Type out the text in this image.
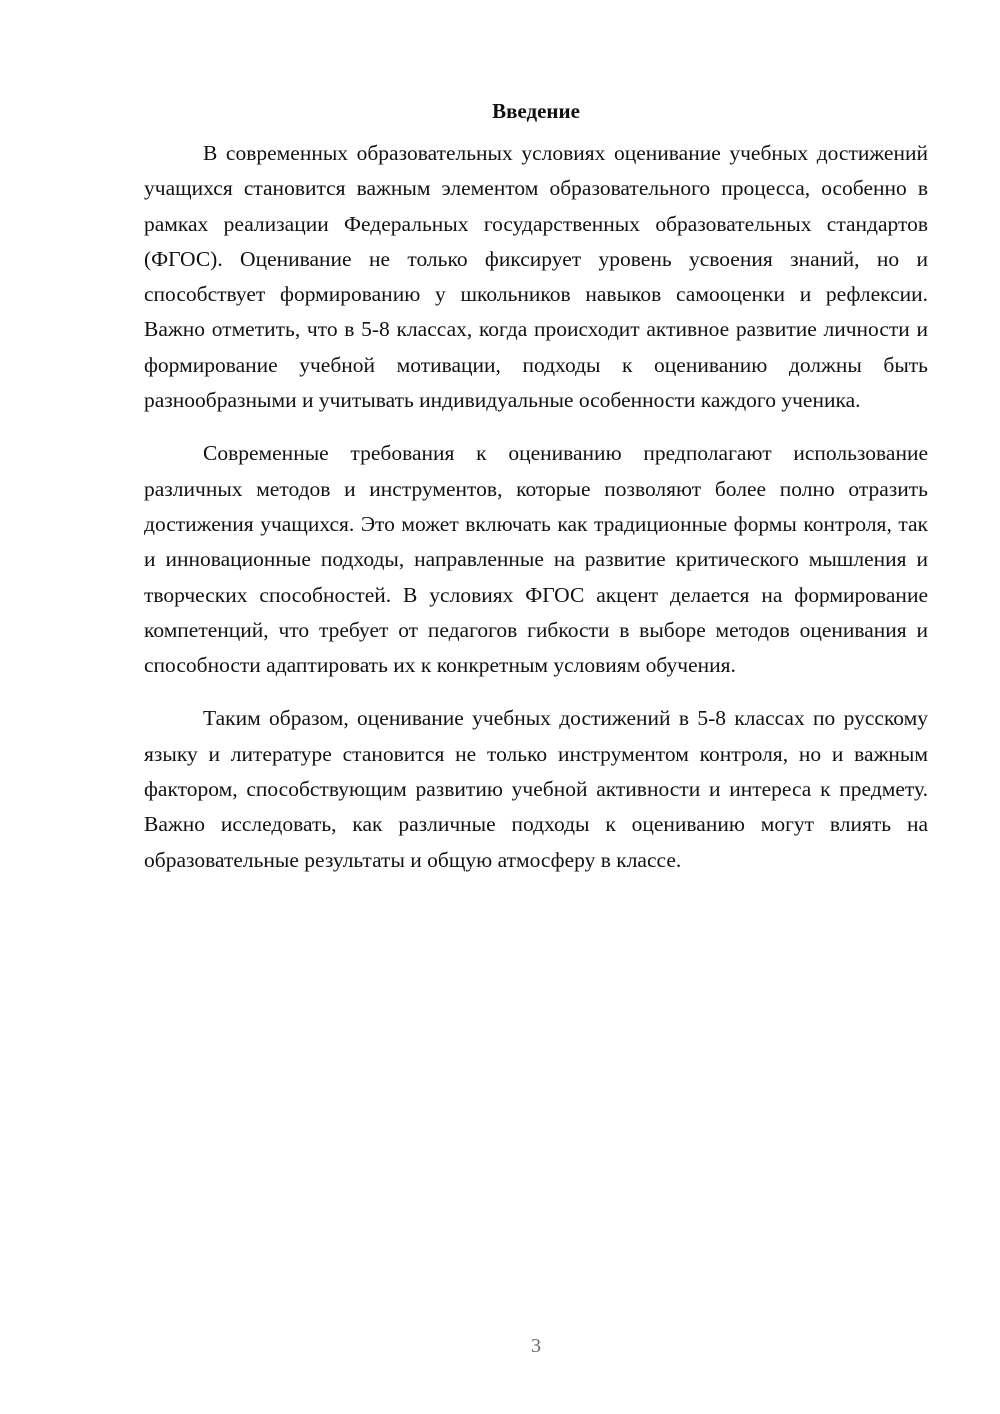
Введение

В современных образовательных условиях оценивание учебных достижений учащихся становится важным элементом образовательного процесса, особенно в рамках реализации Федеральных государственных образовательных стандартов (ФГОС). Оценивание не только фиксирует уровень усвоения знаний, но и способствует формированию у школьников навыков самооценки и рефлексии. Важно отметить, что в 5-8 классах, когда происходит активное развитие личности и формирование учебной мотивации, подходы к оцениванию должны быть разнообразными и учитывать индивидуальные особенности каждого ученика.

Современные требования к оцениванию предполагают использование различных методов и инструментов, которые позволяют более полно отразить достижения учащихся. Это может включать как традиционные формы контроля, так и инновационные подходы, направленные на развитие критического мышления и творческих способностей. В условиях ФГОС акцент делается на формирование компетенций, что требует от педагогов гибкости в выборе методов оценивания и способности адаптировать их к конкретным условиям обучения.

Таким образом, оценивание учебных достижений в 5-8 классах по русскому языку и литературе становится не только инструментом контроля, но и важным фактором, способствующим развитию учебной активности и интереса к предмету. Важно исследовать, как различные подходы к оцениванию могут влиять на образовательные результаты и общую атмосферу в классе.

3
